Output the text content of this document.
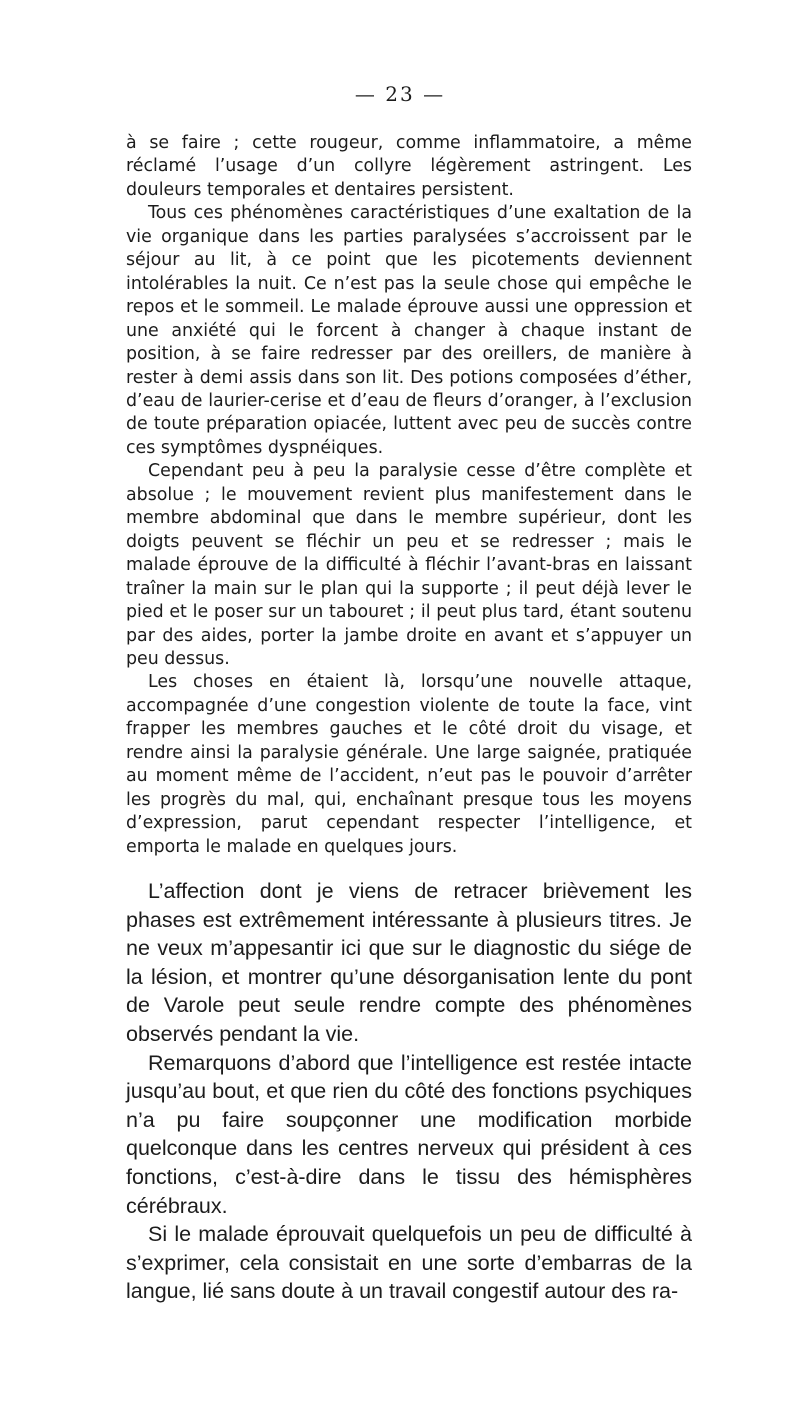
— 23 —

à se faire ; cette rougeur, comme inflammatoire, a même réclamé l’usage d’un collyre légèrement astringent. Les douleurs temporales et dentaires persistent.

Tous ces phénomènes caractéristiques d’une exaltation de la vie organique dans les parties paralysées s’accroissent par le séjour au lit, à ce point que les picotements deviennent intolérables la nuit. Ce n’est pas la seule chose qui empêche le repos et le sommeil. Le malade éprouve aussi une oppression et une anxiété qui le forcent à changer à chaque instant de position, à se faire redresser par des oreillers, de manière à rester à demi assis dans son lit. Des potions composées d’éther, d’eau de laurier-cerise et d’eau de fleurs d’oranger, à l’exclusion de toute préparation opiacée, luttent avec peu de succès contre ces symptômes dyspnéiques.

Cependant peu à peu la paralysie cesse d’être complète et absolue ; le mouvement revient plus manifestement dans le membre abdominal que dans le membre supérieur, dont les doigts peuvent se fléchir un peu et se redresser ; mais le malade éprouve de la difficulté à fléchir l’avant-bras en laissant traîner la main sur le plan qui la supporte ; il peut déjà lever le pied et le poser sur un tabouret ; il peut plus tard, étant soutenu par des aides, porter la jambe droite en avant et s’appuyer un peu dessus.

Les choses en étaient là, lorsqu’une nouvelle attaque, accompagnée d’une congestion violente de toute la face, vint frapper les membres gauches et le côté droit du visage, et rendre ainsi la paralysie générale. Une large saignée, pratiquée au moment même de l’accident, n’eut pas le pouvoir d’arrêter les progrès du mal, qui, enchaînant presque tous les moyens d’expression, parut cependant respecter l’intelligence, et emporta le malade en quelques jours.

L’affection dont je viens de retracer brièvement les phases est extrêmement intéressante à plusieurs titres. Je ne veux m’appesantir ici que sur le diagnostic du siége de la lésion, et montrer qu’une désorganisation lente du pont de Varole peut seule rendre compte des phénomènes observés pendant la vie.

Remarquons d’abord que l’intelligence est restée intacte jusqu’au bout, et que rien du côté des fonctions psychiques n’a pu faire soupçonner une modification morbide quelconque dans les centres nerveux qui président à ces fonctions, c’est-à-dire dans le tissu des hémisphères cérébraux.

Si le malade éprouvait quelquefois un peu de difficulté à s’exprimer, cela consistait en une sorte d’embarras de la langue, lié sans doute à un travail congestif autour des ra-
